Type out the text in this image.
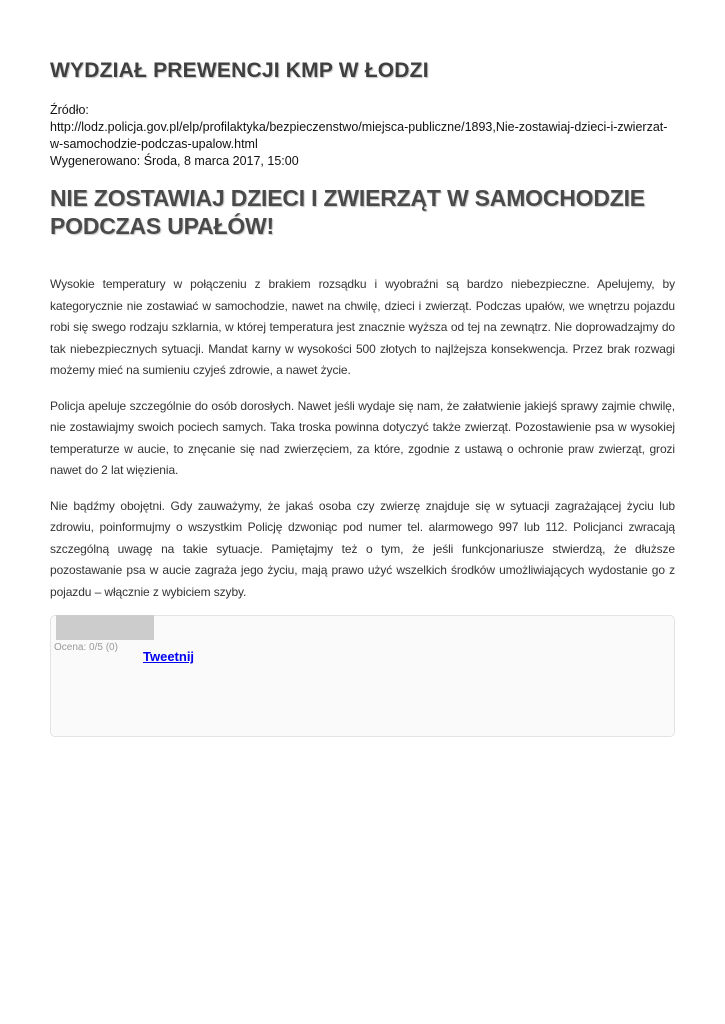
WYDZIAŁ PREWENCJI KMP W ŁODZI
Źródło:
http://lodz.policja.gov.pl/elp/profilaktyka/bezpieczenstwo/miejsca-publiczne/1893,Nie-zostawiaj-dzieci-i-zwierzat-w-samochodzie-podczas-upalow.html
Wygenerowano: Środa, 8 marca 2017, 15:00
NIE ZOSTAWIAJ DZIECI I ZWIERZĄT W SAMOCHODZIE PODCZAS UPAŁÓW!

Wysokie temperatury w połączeniu z brakiem rozsądku i wyobraźni są bardzo niebezpieczne. Apelujemy, by kategorycznie nie zostawiać w samochodzie, nawet na chwilę, dzieci i zwierząt. Podczas upałów, we wnętrzu pojazdu robi się swego rodzaju szklarnia, w której temperatura jest znacznie wyższa od tej na zewnątrz. Nie doprowadzajmy do tak niebezpiecznych sytuacji. Mandat karny w wysokości 500 złotych to najlżejsza konsekwencja. Przez brak rozwagi możemy mieć na sumieniu czyjeś zdrowie, a nawet życie.

Policja apeluje szczególnie do osób dorosłych. Nawet jeśli wydaje się nam, że załatwienie jakiejś sprawy zajmie chwilę, nie zostawiajmy swoich pociech samych. Taka troska powinna dotyczyć także zwierząt. Pozostawienie psa w wysokiej temperaturze w aucie, to znęcanie się nad zwierzęciem, za które, zgodnie z ustawą o ochronie praw zwierząt, grozi nawet do 2 lat więzienia.

Nie bądźmy obojętni. Gdy zauważymy, że jakaś osoba czy zwierzę znajduje się w sytuacji zagrażającej życiu lub zdrowiu, poinformujmy o wszystkim Policję dzwoniąc pod numer tel. alarmowego 997 lub 112. Policjanci zwracają szczególną uwagę na takie sytuacje. Pamiętajmy też o tym, że jeśli funkcjonariusze stwierdzą, że dłuższe pozostawanie psa w aucie zagraża jego życiu, mają prawo użyć wszelkich środków umożliwiających wydostanie go z pojazdu – włącznie z wybiciem szyby.

Ocena: 0/5 (0)
Tweetnij
